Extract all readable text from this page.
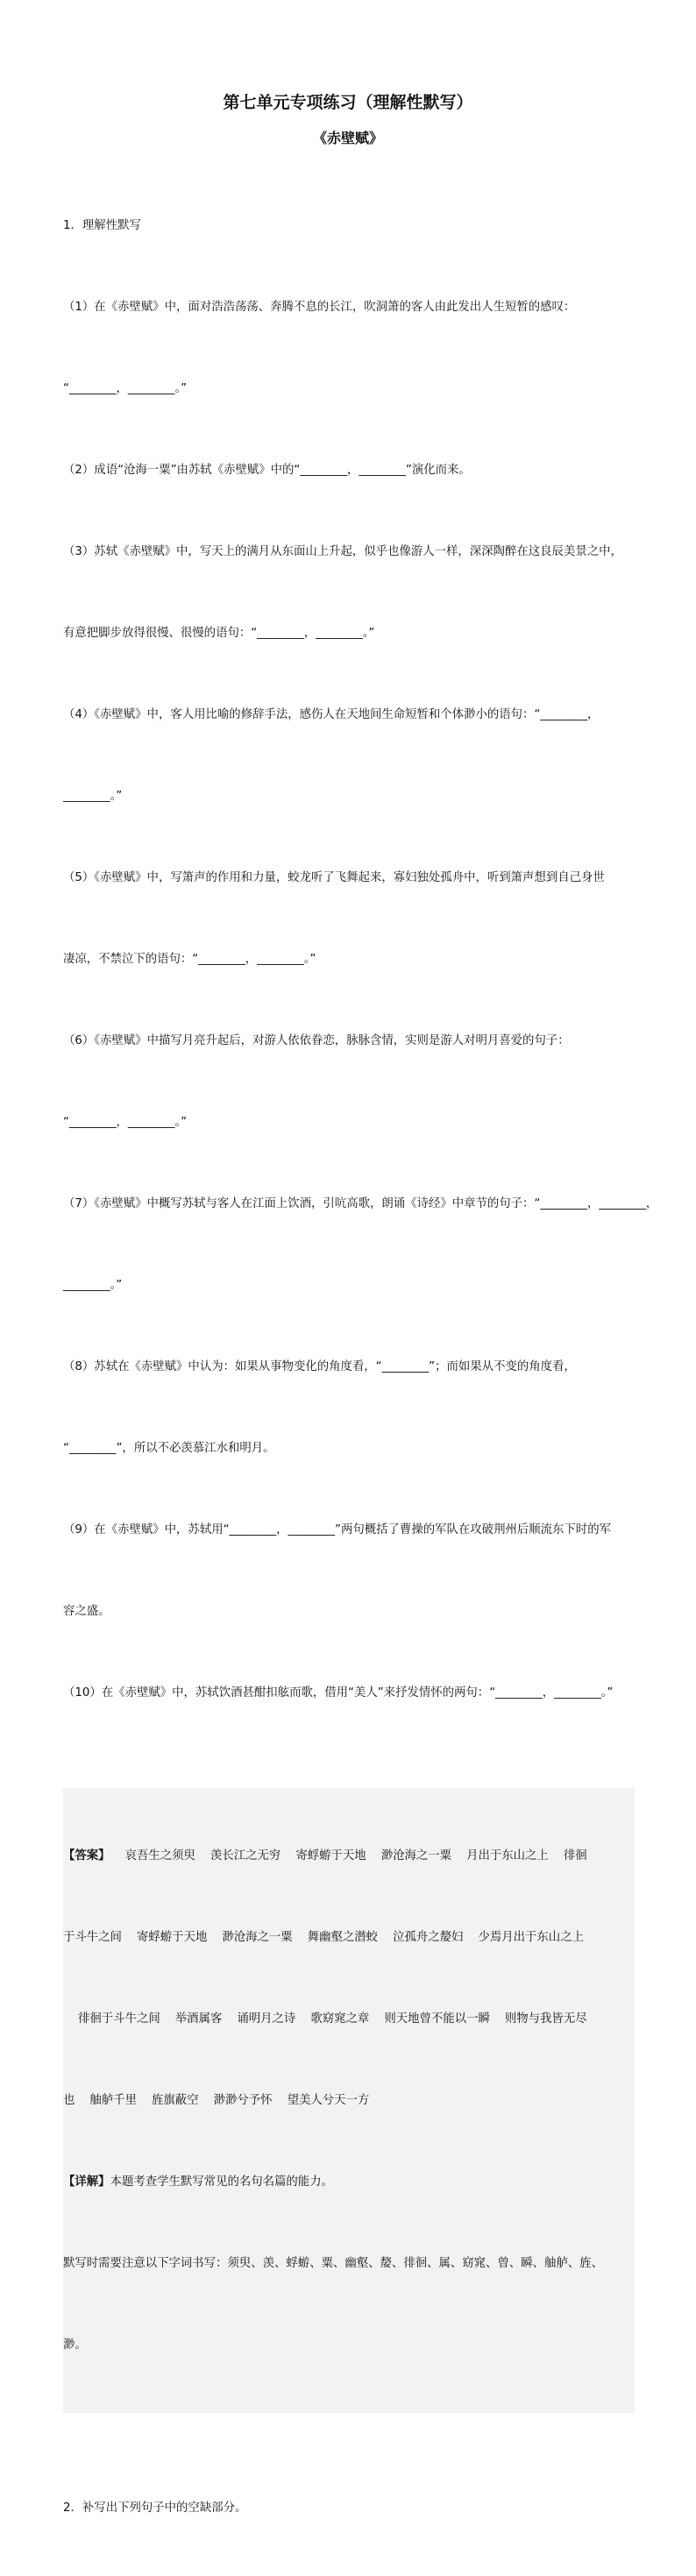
第七单元专项练习（理解性默写）
《赤壁赋》

1．理解性默写

（1）在《赤壁赋》中，面对浩浩荡荡、奔腾不息的长江，吹洞箫的客人由此发出人生短暂的感叹：

“________，________。”

（2）成语“沧海一粟”由苏轼《赤壁赋》中的“________，________”演化而来。

（3）苏轼《赤壁赋》中，写天上的满月从东面山上升起，似乎也像游人一样，深深陶醉在这良辰美景之中，

有意把脚步放得很慢、很慢的语句：“________，________。”

（4）《赤壁赋》中，客人用比喻的修辞手法，感伤人在天地间生命短暂和个体渺小的语句：“________，

________。”

（5）《赤壁赋》中，写箫声的作用和力量，蛟龙听了飞舞起来，寡妇独处孤舟中，听到箫声想到自己身世

凄凉，不禁泣下的语句：“________，________。”

（6）《赤壁赋》中描写月亮升起后，对游人依依眷恋，脉脉含情，实则是游人对明月喜爱的句子：

“________，________。”

（7）《赤壁赋》中概写苏轼与客人在江面上饮酒，引吭高歌，朗诵《诗经》中章节的句子：“________，________，

________。”

（8）苏轼在《赤壁赋》中认为：如果从事物变化的角度看，“________”；而如果从不变的角度看，

“________”，所以不必羡慕江水和明月。

（9）在《赤壁赋》中，苏轼用“________，________”两句概括了曹操的军队在攻破荆州后顺流东下时的军

容之盛。

（10）在《赤壁赋》中，苏轼饮酒甚酣扣舷而歌，借用“美人”来抒发情怀的两句：“________，________。”

【答案】    哀吾生之须臾    羡长江之无穷    寄蜉蝣于天地    渺沧海之一粟    月出于东山之上    徘徊

于斗牛之间    寄蜉蝣于天地    渺沧海之一粟    舞幽壑之潜蛟    泣孤舟之嫠妇    少焉月出于东山之上

徘徊于斗牛之间    举酒属客    诵明月之诗    歌窈窕之章    则天地曾不能以一瞬    则物与我皆无尽

也    舳舻千里    旌旗蔽空    渺渺兮予怀    望美人兮天一方

【详解】本题考查学生默写常见的名句名篇的能力。

默写时需要注意以下字词书写：须臾、羡、蜉蝣、粟、幽壑、嫠、徘徊、属、窈窕、曾、瞬、舳舻、旌、

渺。

2．补写出下列句子中的空缺部分。
